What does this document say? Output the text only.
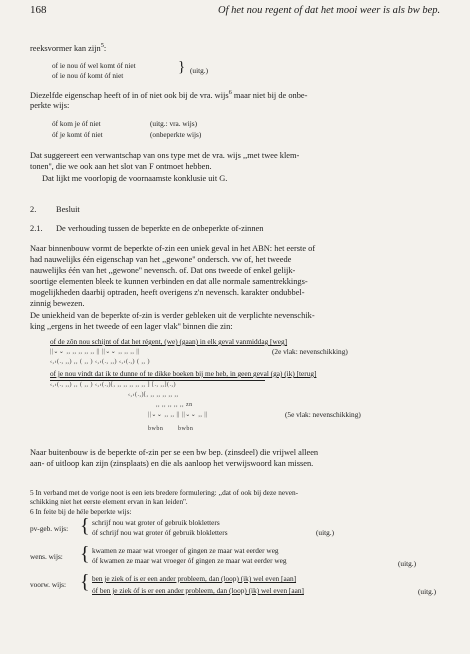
168	Of het nou regent of dat het mooi weer is als bw bep.
reeksvormer kan zijn$^5$:
of ie nou óf wel komt óf niet
of ie nou óf komt óf niet
} (uitg.)
Diezelfde eigenschap heeft of in of niet ook bij de vra. wijs$^6$ maar niet bij de onbe-
perkte wijs:
óf kom je óf niet	(uitg.: vra. wijs)
óf je komt óf niet	(onbeperkte wijs)
Dat suggereert een verwantschap van ons type met de vra. wijs ,,met twee klem-
tonen'', die we ook aan het slot van F ontmoet hebben.
Dat lijkt me voorlopig de voornaamste konklusie uit G.
2. Besluit
2.1. De verhouding tussen de beperkte en de onbeperkte of-zinnen
Naar binnenbouw vormt de beperkte of-zin een uniek geval in het ABN: het eerste of
had nauwelijks één eigenschap van het ,,gewone'' ondersch. vw of, het tweede
nauwelijks één van het ,,gewone'' nevensch. of. Dat ons tweede of enkel gelijk-
soortige elementen bleek te kunnen verbinden en dat alle normale samentrekkings-
mogelijkheden daarbij optraden, heeft overigens z'n nevensch. karakter ondubbel-
zinnig bewezen.
De uniekheid van de beperkte of-zin is verder gebleken uit de verplichte nevenschik-
king ,,ergens in het tweede of een lager vlak'' binnen die zin:
of de zôn nou schijnt of dat het régent, (we) (gaan) in elk geval vanmiddag [weg]
||⌄⌄ ,, ,, ,, ,, ,, || ||⌄⌄ ,, ,, ,, ||	(2e vlak: nevenschikking)
‹,›(., ,,) ,, ( ,, ) ‹,›(., ,,) ‹,›(.,) ( ,, )
of je nou vindt dat ik te dunne of te dikke boeken bij me heb, in geen geval (ga) (ik) [terug]
‹,›(., ,,) ,, ( ,, ) ‹,›(.,)[, ,, ,, ,, ,, ,, ] [., ,,](.,)
‹,›(.,)[, ,, ,, ,, ,, ,,
,, ,, ,, ,, ,, zn
||⌄⌄ ,, ,, || ||⌄⌄ ,, ||	(5e vlak: nevenschikking)
bwbn bwbn
Naar buitenbouw is de beperkte of-zin per se een bw bep. (zinsdeel) die vrijwel alleen
aan- of uitloop kan zijn (zinsplaats) en die als aanloop het verwijswoord kan missen.
5 In verband met de vorige noot is een iets bredere formulering: ,,dat of ook bij deze neven-
schikking niet het eerste element ervan in kan leiden''.
6 In feite bij de héle beperkte wijs:
pv-geb. wijs: { schrijf nou wat groter of gebruik blokletters
óf schrijf nou wat groter óf gebruik blokletters	(uitg.)
wens. wijs: { kwamen ze maar wat vroeger of gingen ze maar wat eerder weg
óf kwamen ze maar wat vroeger óf gingen ze maar wat eerder weg	(uitg.)
voorw. wijs: { ben je ziek of is er een ander probleem, dan (loop) (ik) wel even [aan]
óf ben je ziek óf is er een ander probleem, dan (loop) (ik) wel even [aan]	(uitg.)
